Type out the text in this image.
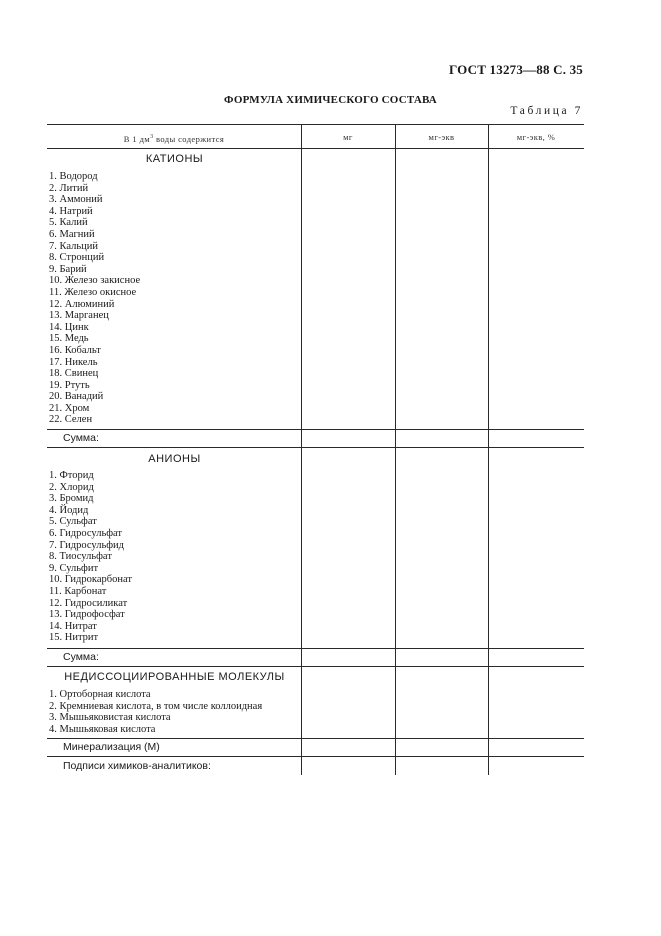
ГОСТ 13273—88 С. 35
ФОРМУЛА ХИМИЧЕСКОГО СОСТАВА
Таблица 7
В 1 $дм^3$ воды содержится	мг	мг-экв	мг-экв, %
КАТИОНЫ
1. Водород
2. Литий
3. Аммоний
4. Натрий
5. Калий
6. Магний
7. Кальций
8. Стронций
9. Барий
10. Железо закисное
11. Железо окисное
12. Алюминий
13. Марганец
14. Цинк
15. Медь
16. Кобальт
17. Никель
18. Свинец
19. Ртуть
20. Ванадий
21. Хром
22. Селен
Сумма:
АНИОНЫ
1. Фторид
2. Хлорид
3. Бромид
4. Йодид
5. Сульфат
6. Гидросульфат
7. Гидросульфид
8. Тиосульфат
9. Сульфит
10. Гидрокарбонат
11. Карбонат
12. Гидросиликат
13. Гидрофосфат
14. Нитрат
15. Нитрит
Сумма:
НЕДИССОЦИИРОВАННЫЕ МОЛЕКУЛЫ
1. Ортоборная кислота
2. Кремниевая кислота, в том числе коллоидная
3. Мышьяковистая кислота
4. Мышьяковая кислота
Минерализация (М)
Подписи химиков-аналитиков:
